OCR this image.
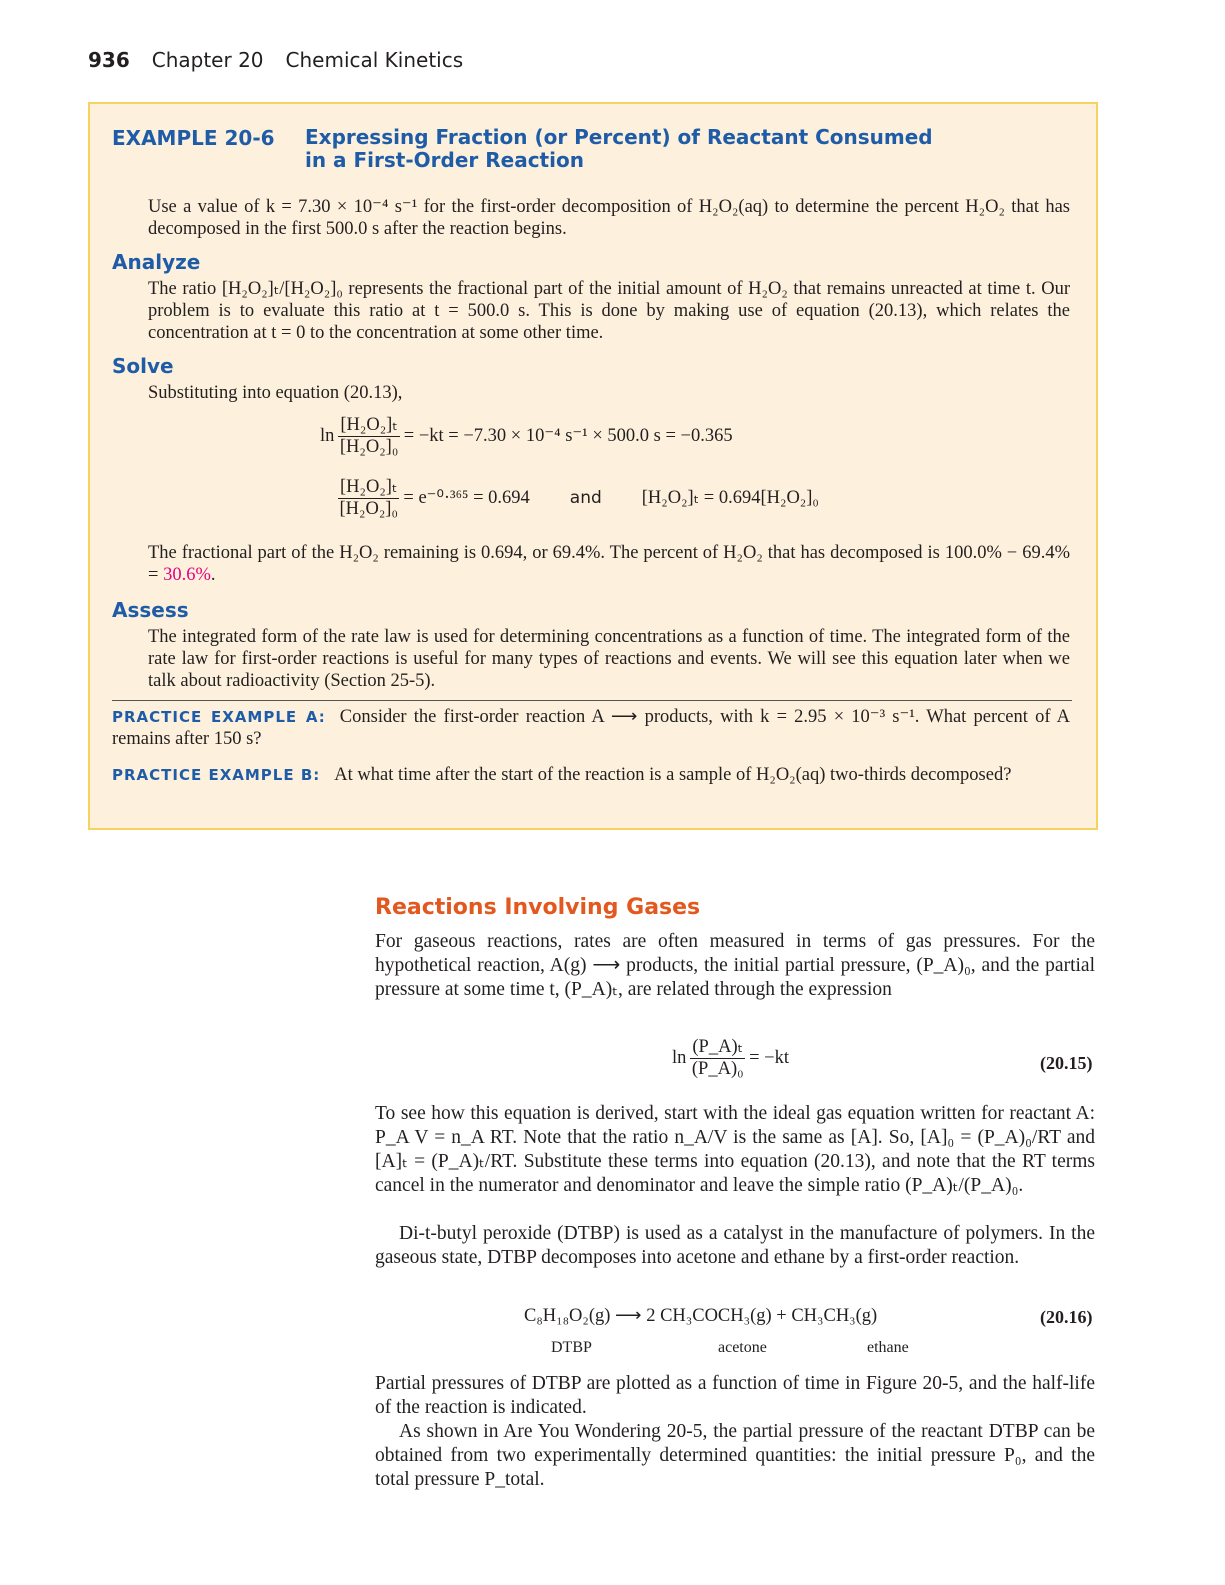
936 Chapter 20 Chemical Kinetics
EXAMPLE 20-6 Expressing Fraction (or Percent) of Reactant Consumed
in a First-Order Reaction
Use a value of k = 7.30 × 10⁻⁴ s⁻¹ for the first-order decomposition of H₂O₂(aq) to determine the percent H₂O₂ that has decomposed in the first 500.0 s after the reaction begins.
Analyze
The ratio [H₂O₂]ₜ/[H₂O₂]₀ represents the fractional part of the initial amount of H₂O₂ that remains unreacted at time t. Our problem is to evaluate this ratio at t = 500.0 s. This is done by making use of equation (20.13), which relates the concentration at t = 0 to the concentration at some other time.
Solve
Substituting into equation (20.13),
$\ln \frac{\text{[H₂O₂]ₜ}}{\text{[H₂O₂]₀}} = -kt = -7.30 \times 10^{-4}$ s⁻¹ × 500.0 s = −0.365
$\frac{\text{[H₂O₂]ₜ}}{\text{[H₂O₂]₀}} = e^{-0}\cdot^{365} = 0.694$ and [H₂O₂]ₜ = 0.694[H₂O₂]₀
The fractional part of the H₂O₂ remaining is 0.694, or 69.4%. The percent of H₂O₂ that has decomposed is 100.0% − 69.4% = 30.6%.
Assess
The integrated form of the rate law is used for determining concentrations as a function of time. The integrated form of the rate law for first-order reactions is useful for many types of reactions and events. We will see this equation later when we talk about radioactivity (Section 25-5).
PRACTICE EXAMPLE A: Consider the first-order reaction A ⟶ products, with k = 2.95 × 10⁻³ s⁻¹. What percent of A remains after 150 s?
PRACTICE EXAMPLE B: At what time after the start of the reaction is a sample of H₂O₂(aq) two-thirds decomposed?
Reactions Involving Gases
For gaseous reactions, rates are often measured in terms of gas pressures. For the hypothetical reaction, A(g) ⟶ products, the initial partial pressure, (P_A)₀, and the partial pressure at some time t, (P_A)ₜ, are related through the expression
$\ln \frac{\text{(P\_A)ₜ}}{\text{(P\_A)₀}} = -kt$	(20.15)
To see how this equation is derived, start with the ideal gas equation written for reactant A: P_A V = n_A RT. Note that the ratio n_A/V is the same as [A]. So, [A]₀ = (P_A)₀/RT and [A]ₜ = (P_A)ₜ/RT. Substitute these terms into equation (20.13), and note that the RT terms cancel in the numerator and denominator and leave the simple ratio (P_A)ₜ/(P_A)₀.
Di-t-butyl peroxide (DTBP) is used as a catalyst in the manufacture of polymers. In the gaseous state, DTBP decomposes into acetone and ethane by a first-order reaction.
C₈H₁₈O₂(g) ⟶ 2 CH₃COCH₃(g) + CH₃CH₃(g)	(20.16)
DTBP	acetone	ethane
Partial pressures of DTBP are plotted as a function of time in Figure 20-5, and the half-life of the reaction is indicated.
As shown in Are You Wondering 20-5, the partial pressure of the reactant DTBP can be obtained from two experimentally determined quantities: the initial pressure P₀, and the total pressure P_total.
